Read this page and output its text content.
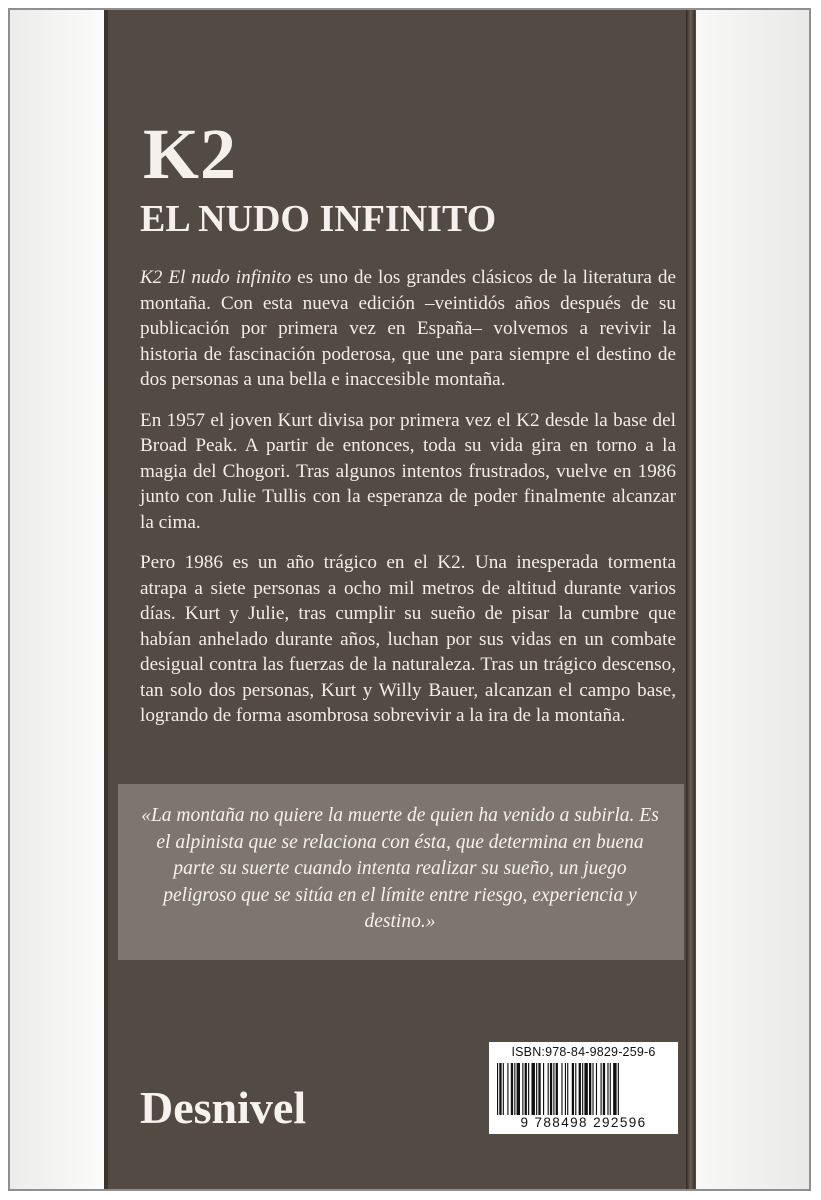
K2
EL NUDO INFINITO

K2 El nudo infinito es uno de los grandes clásicos de la literatura de montaña. Con esta nueva edición –veintidós años después de su publicación por primera vez en España– volvemos a revivir la historia de fascinación poderosa, que une para siempre el destino de dos personas a una bella e inaccesible montaña.

En 1957 el joven Kurt divisa por primera vez el K2 desde la base del Broad Peak. A partir de entonces, toda su vida gira en torno a la magia del Chogori. Tras algunos intentos frustrados, vuelve en 1986 junto con Julie Tullis con la esperanza de poder finalmente alcanzar la cima.

Pero 1986 es un año trágico en el K2. Una inesperada tormenta atrapa a siete personas a ocho mil metros de altitud durante varios días. Kurt y Julie, tras cumplir su sueño de pisar la cumbre que habían anhelado durante años, luchan por sus vidas en un combate desigual contra las fuerzas de la naturaleza. Tras un trágico descenso, tan solo dos personas, Kurt y Willy Bauer, alcanzan el campo base, logrando de forma asombrosa sobrevivir a la ira de la montaña.

«La montaña no quiere la muerte de quien ha venido a subirla. Es el alpinista que se relaciona con ésta, que determina en buena parte su suerte cuando intenta realizar su sueño, un juego peligroso que se sitúa en el límite entre riesgo, experiencia y destino.»
Desnivel
ISBN:978-84-9829-259-6
9 788498 292596
